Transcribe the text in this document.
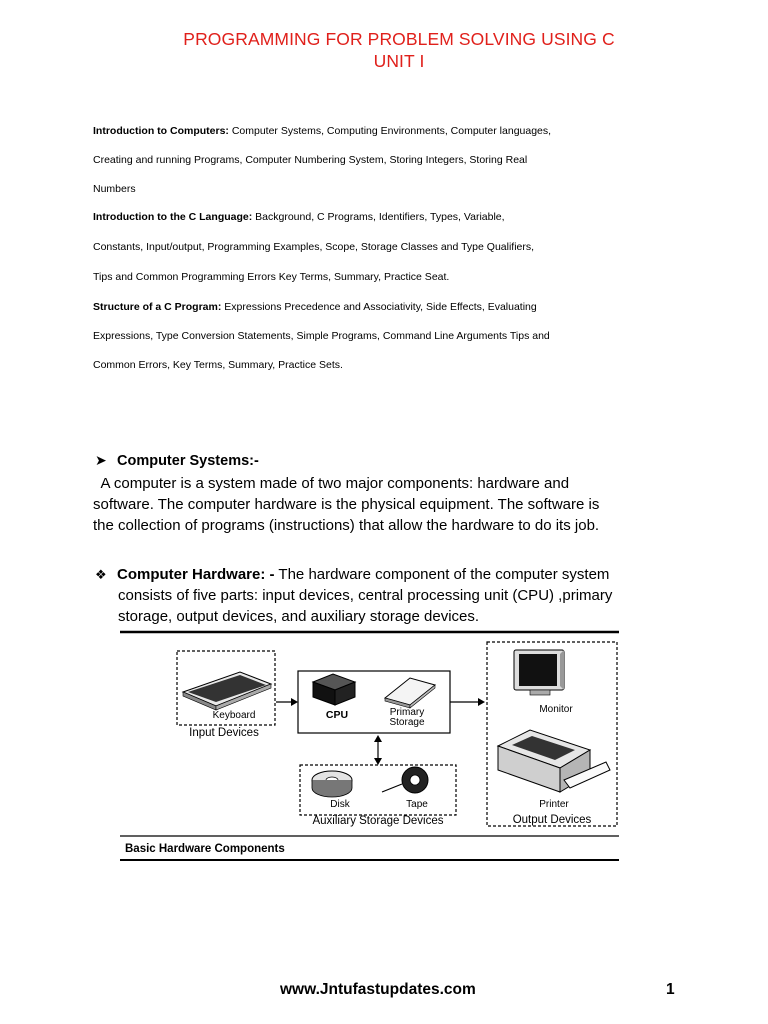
PROGRAMMING FOR PROBLEM SOLVING USING C
UNIT I
Introduction to Computers: Computer Systems, Computing Environments, Computer languages,
Creating and running Programs, Computer Numbering System, Storing Integers, Storing Real
Numbers
Introduction to the C Language: Background, C Programs, Identifiers, Types, Variable,
Constants, Input/output, Programming Examples, Scope, Storage Classes and Type Qualifiers,
Tips and Common Programming Errors Key Terms, Summary, Practice Seat.
Structure of a C Program: Expressions Precedence and Associativity, Side Effects, Evaluating
Expressions, Type Conversion Statements, Simple Programs, Command Line Arguments Tips and
Common Errors, Key Terms, Summary, Practice Sets.
➤ Computer Systems:-
A computer is a system made of two major components: hardware and
software. The computer hardware is the physical equipment. The software is
the collection of programs (instructions) that allow the hardware to do its job.
❖ Computer Hardware: - The hardware component of the computer system
consists of five parts: input devices, central processing unit (CPU) ,primary
storage, output devices, and auxiliary storage devices.
Keyboard
Input Devices
CPU	Primary
Storage
Monitor
Printer
Output Devices
Disk	Tape
Auxiliary Storage Devices
Basic Hardware Components
www.Jntufastupdates.com	1
